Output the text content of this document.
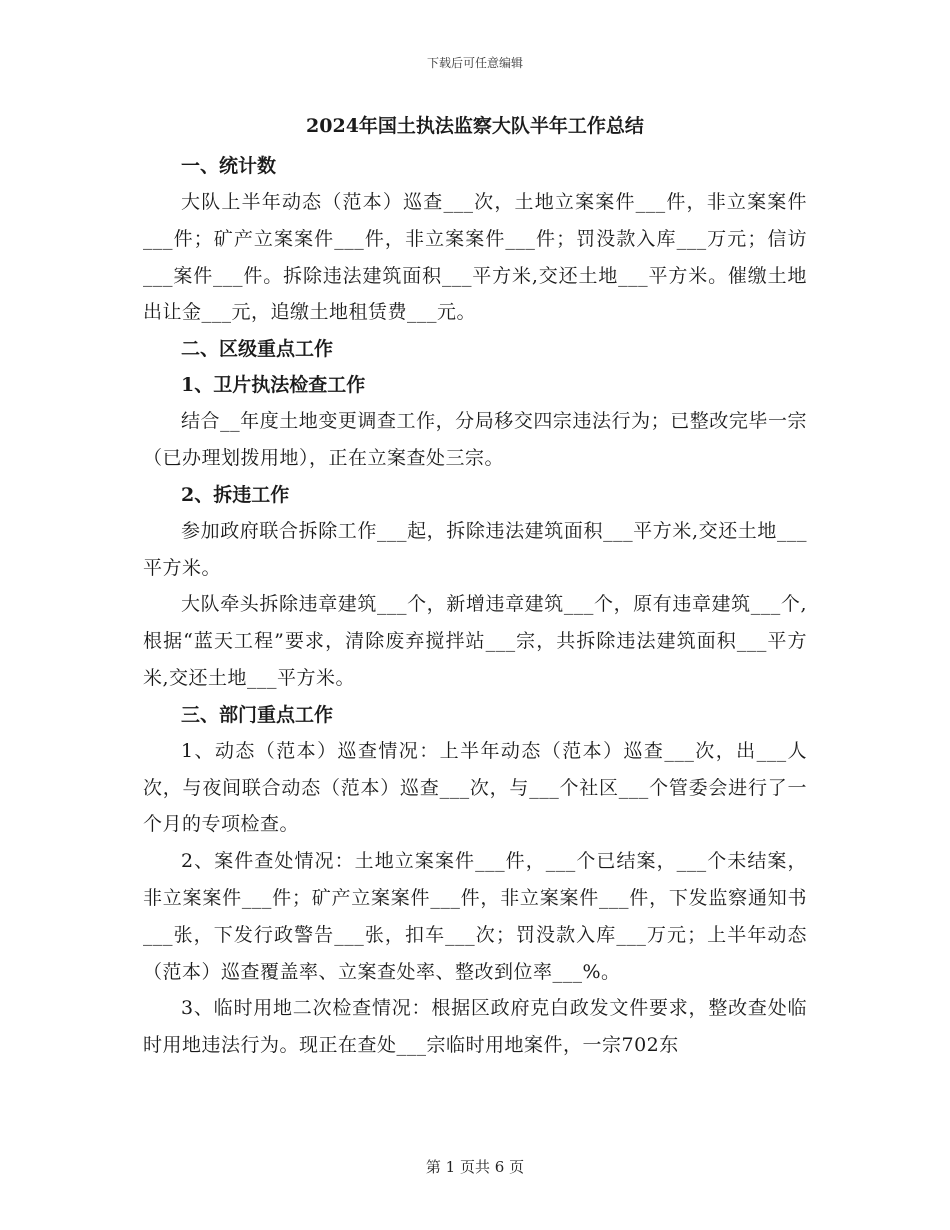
下载后可任意编辑
2024年国土执法监察大队半年工作总结
一、统计数
大队上半年动态（范本）巡查___次，土地立案案件___件，非立案案件___件；矿产立案案件___件，非立案案件___件；罚没款入库___万元；信访___案件___件。拆除违法建筑面积___平方米,交还土地___平方米。催缴土地出让金___元，追缴土地租赁费___元。
二、区级重点工作
1、卫片执法检查工作
结合__年度土地变更调查工作，分局移交四宗违法行为；已整改完毕一宗（已办理划拨用地），正在立案查处三宗。
2、拆违工作
参加政府联合拆除工作___起，拆除违法建筑面积___平方米,交还土地___平方米。
大队牵头拆除违章建筑___个，新增违章建筑___个，原有违章建筑___个,根据“蓝天工程”要求，清除废弃搅拌站___宗，共拆除违法建筑面积___平方米,交还土地___平方米。
三、部门重点工作
1、动态（范本）巡查情况：上半年动态（范本）巡查___次，出___人次，与夜间联合动态（范本）巡查___次，与___个社区___个管委会进行了一个月的专项检查。
2、案件查处情况：土地立案案件___件，___个已结案，___个未结案，非立案案件___件；矿产立案案件___件，非立案案件___件，下发监察通知书___张，下发行政警告___张，扣车___次；罚没款入库___万元；上半年动态（范本）巡查覆盖率、立案查处率、整改到位率___%。
3、临时用地二次检查情况：根据区政府克白政发文件要求，整改查处临时用地违法行为。现正在查处___宗临时用地案件，一宗702东
第 1 页共 6 页
